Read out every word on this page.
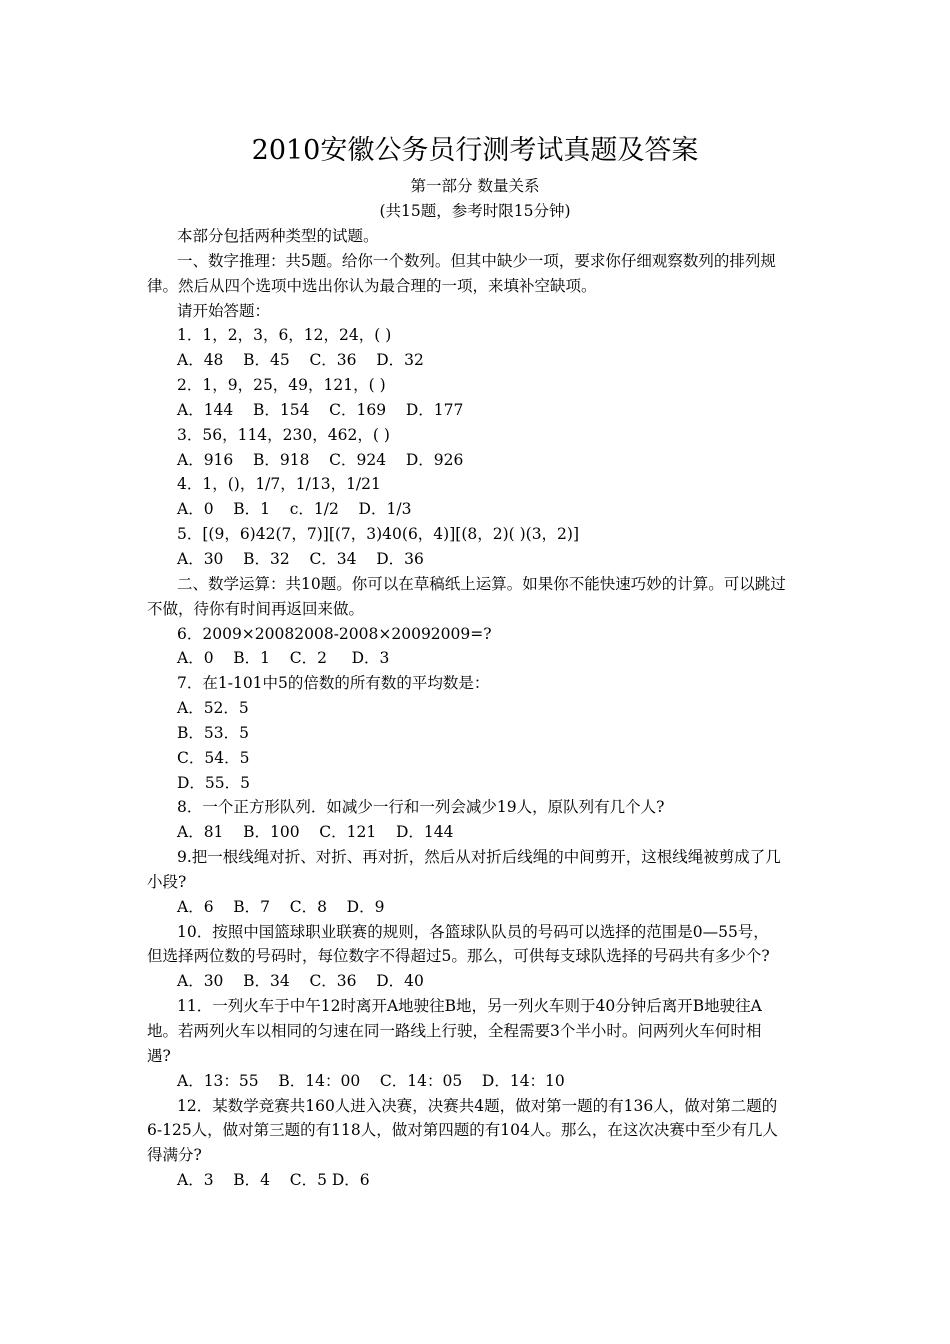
2010安徽公务员行测考试真题及答案
第一部分 数量关系
(共15题，参考时限15分钟)

本部分包括两种类型的试题。

一、数字推理：共5题。给你一个数列。但其中缺少一项，要求你仔细观察数列的排列规

律。然后从四个选项中选出你认为最合理的一项，来填补空缺项。

请开始答题：

1．1，2，3，6，12，24，( )

A．48    B．45    C．36    D．32

2．1，9，25，49，121，( )

A．144    B．154    C．169    D．177

3．56，114，230，462，( )

A．916    B．918    C．924    D．926

4．1，()，1/7，1/13，1/21

A．0    B．1    c．1/2    D．1/3

5．[(9，6)42(7，7)][(7，3)40(6，4)][(8，2)( )(3，2)]

A．30    B．32    C．34    D．36

二、数学运算：共10题。你可以在草稿纸上运算。如果你不能快速巧妙的计算。可以跳过

不做，待你有时间再返回来做。

6．2009×20082008-2008×20092009=?

A．0    B．1    C．2     D．3

7．在1-101中5的倍数的所有数的平均数是：

A．52．5

B．53．5

C．54．5

D．55．5

8．一个正方形队列．如减少一行和一列会减少19人，原队列有几个人?

A．81    B．100    C．121    D．144

9.把一根线绳对折、对折、再对折，然后从对折后线绳的中间剪开，这根线绳被剪成了几

小段?

A．6    B．7    C．8    D．9

10．按照中国篮球职业联赛的规则，各篮球队队员的号码可以选择的范围是0—55号，

但选择两位数的号码时，每位数字不得超过5。那么，可供每支球队选择的号码共有多少个?

A．30    B．34    C．36    D．40

11．一列火车于中午12时离开A地驶往B地，另一列火车则于40分钟后离开B地驶往A

地。若两列火车以相同的匀速在同一路线上行驶，全程需要3个半小时。问两列火车何时相

遇?

A．13：55    B．14：00    C．14：05    D．14：10

12．某数学竞赛共160人进入决赛，决赛共4题，做对第一题的有136人，做对第二题的

6-125人，做对第三题的有118人，做对第四题的有104人。那么，在这次决赛中至少有几人

得满分?

A．3    B．4    C．5 D．6
